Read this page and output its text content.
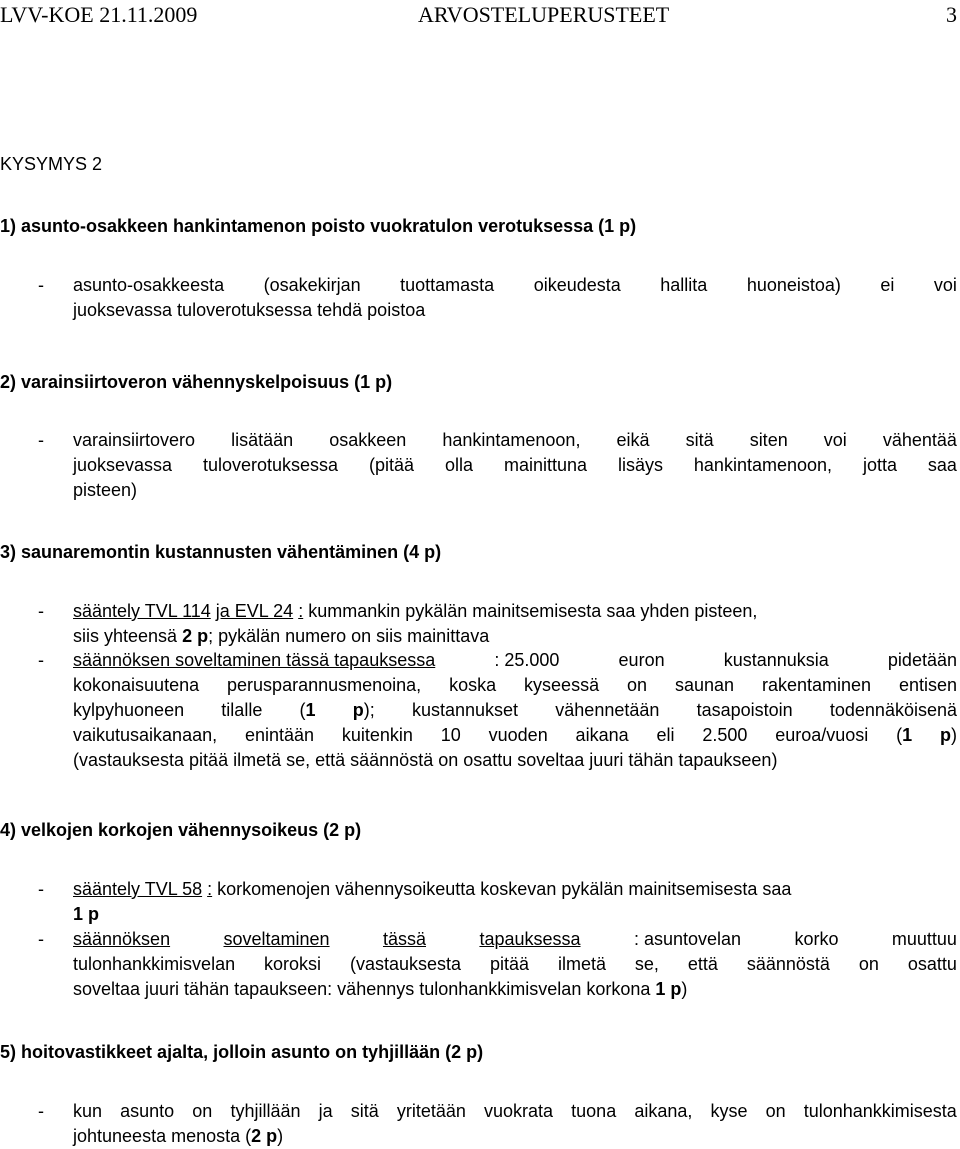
LVV-KOE 21.11.2009	ARVOSTELUPERUSTEET	3
KYSYMYS 2
1) asunto-osakkeen hankintamenon poisto vuokratulon verotuksessa (1 p)
- asunto-osakkeesta (osakekirjan tuottamasta oikeudesta hallita huoneistoa) ei voi
juoksevassa tuloverotuksessa tehdä poistoa
2) varainsiirtoveron vähennyskelpoisuus (1 p)
- varainsiirtovero lisätään osakkeen hankintamenoon, eikä sitä siten voi vähentää
juoksevassa tuloverotuksessa (pitää olla mainittuna lisäys hankintamenoon, jotta saa
pisteen)
3) saunaremontin kustannusten vähentäminen (4 p)
- sääntely TVL 114 ja EVL 24 : kummankin pykälän mainitsemisesta saa yhden pisteen,
siis yhteensä 2 p; pykälän numero on siis mainittava
- säännöksen soveltaminen tässä tapauksessa	: 25.000	euron	kustannuksia	pidetään
kokonaisuutena perusparannusmenoina, koska kyseessä on saunan rakentaminen entisen
kylpyhuoneen tilalle (1 p); kustannukset vähennetään tasapoistoin todennäköisenä
vaikutusaikanaan, enintään kuitenkin 10 vuoden aikana eli 2.500 euroa/vuosi (1 p)
(vastauksesta pitää ilmetä se, että säännöstä on osattu soveltaa juuri tähän tapaukseen)
4) velkojen korkojen vähennysoikeus (2 p)
- sääntely TVL 58 : korkomenojen vähennysoikeutta koskevan pykälän mainitsemisesta saa
1 p
- säännöksen	soveltaminen	tässä	tapauksessa	: asuntovelan	korko	muuttuu
tulonhankkimisvelan koroksi (vastauksesta pitää ilmetä se, että säännöstä on osattu
soveltaa juuri tähän tapaukseen: vähennys tulonhankkimisvelan korkona 1 p)
5) hoitovastikkeet ajalta, jolloin asunto on tyhjillään (2 p)
- kun asunto on tyhjillään ja sitä yritetään vuokrata tuona aikana, kyse on tulonhankkimisesta
johtuneesta menosta (2 p)
